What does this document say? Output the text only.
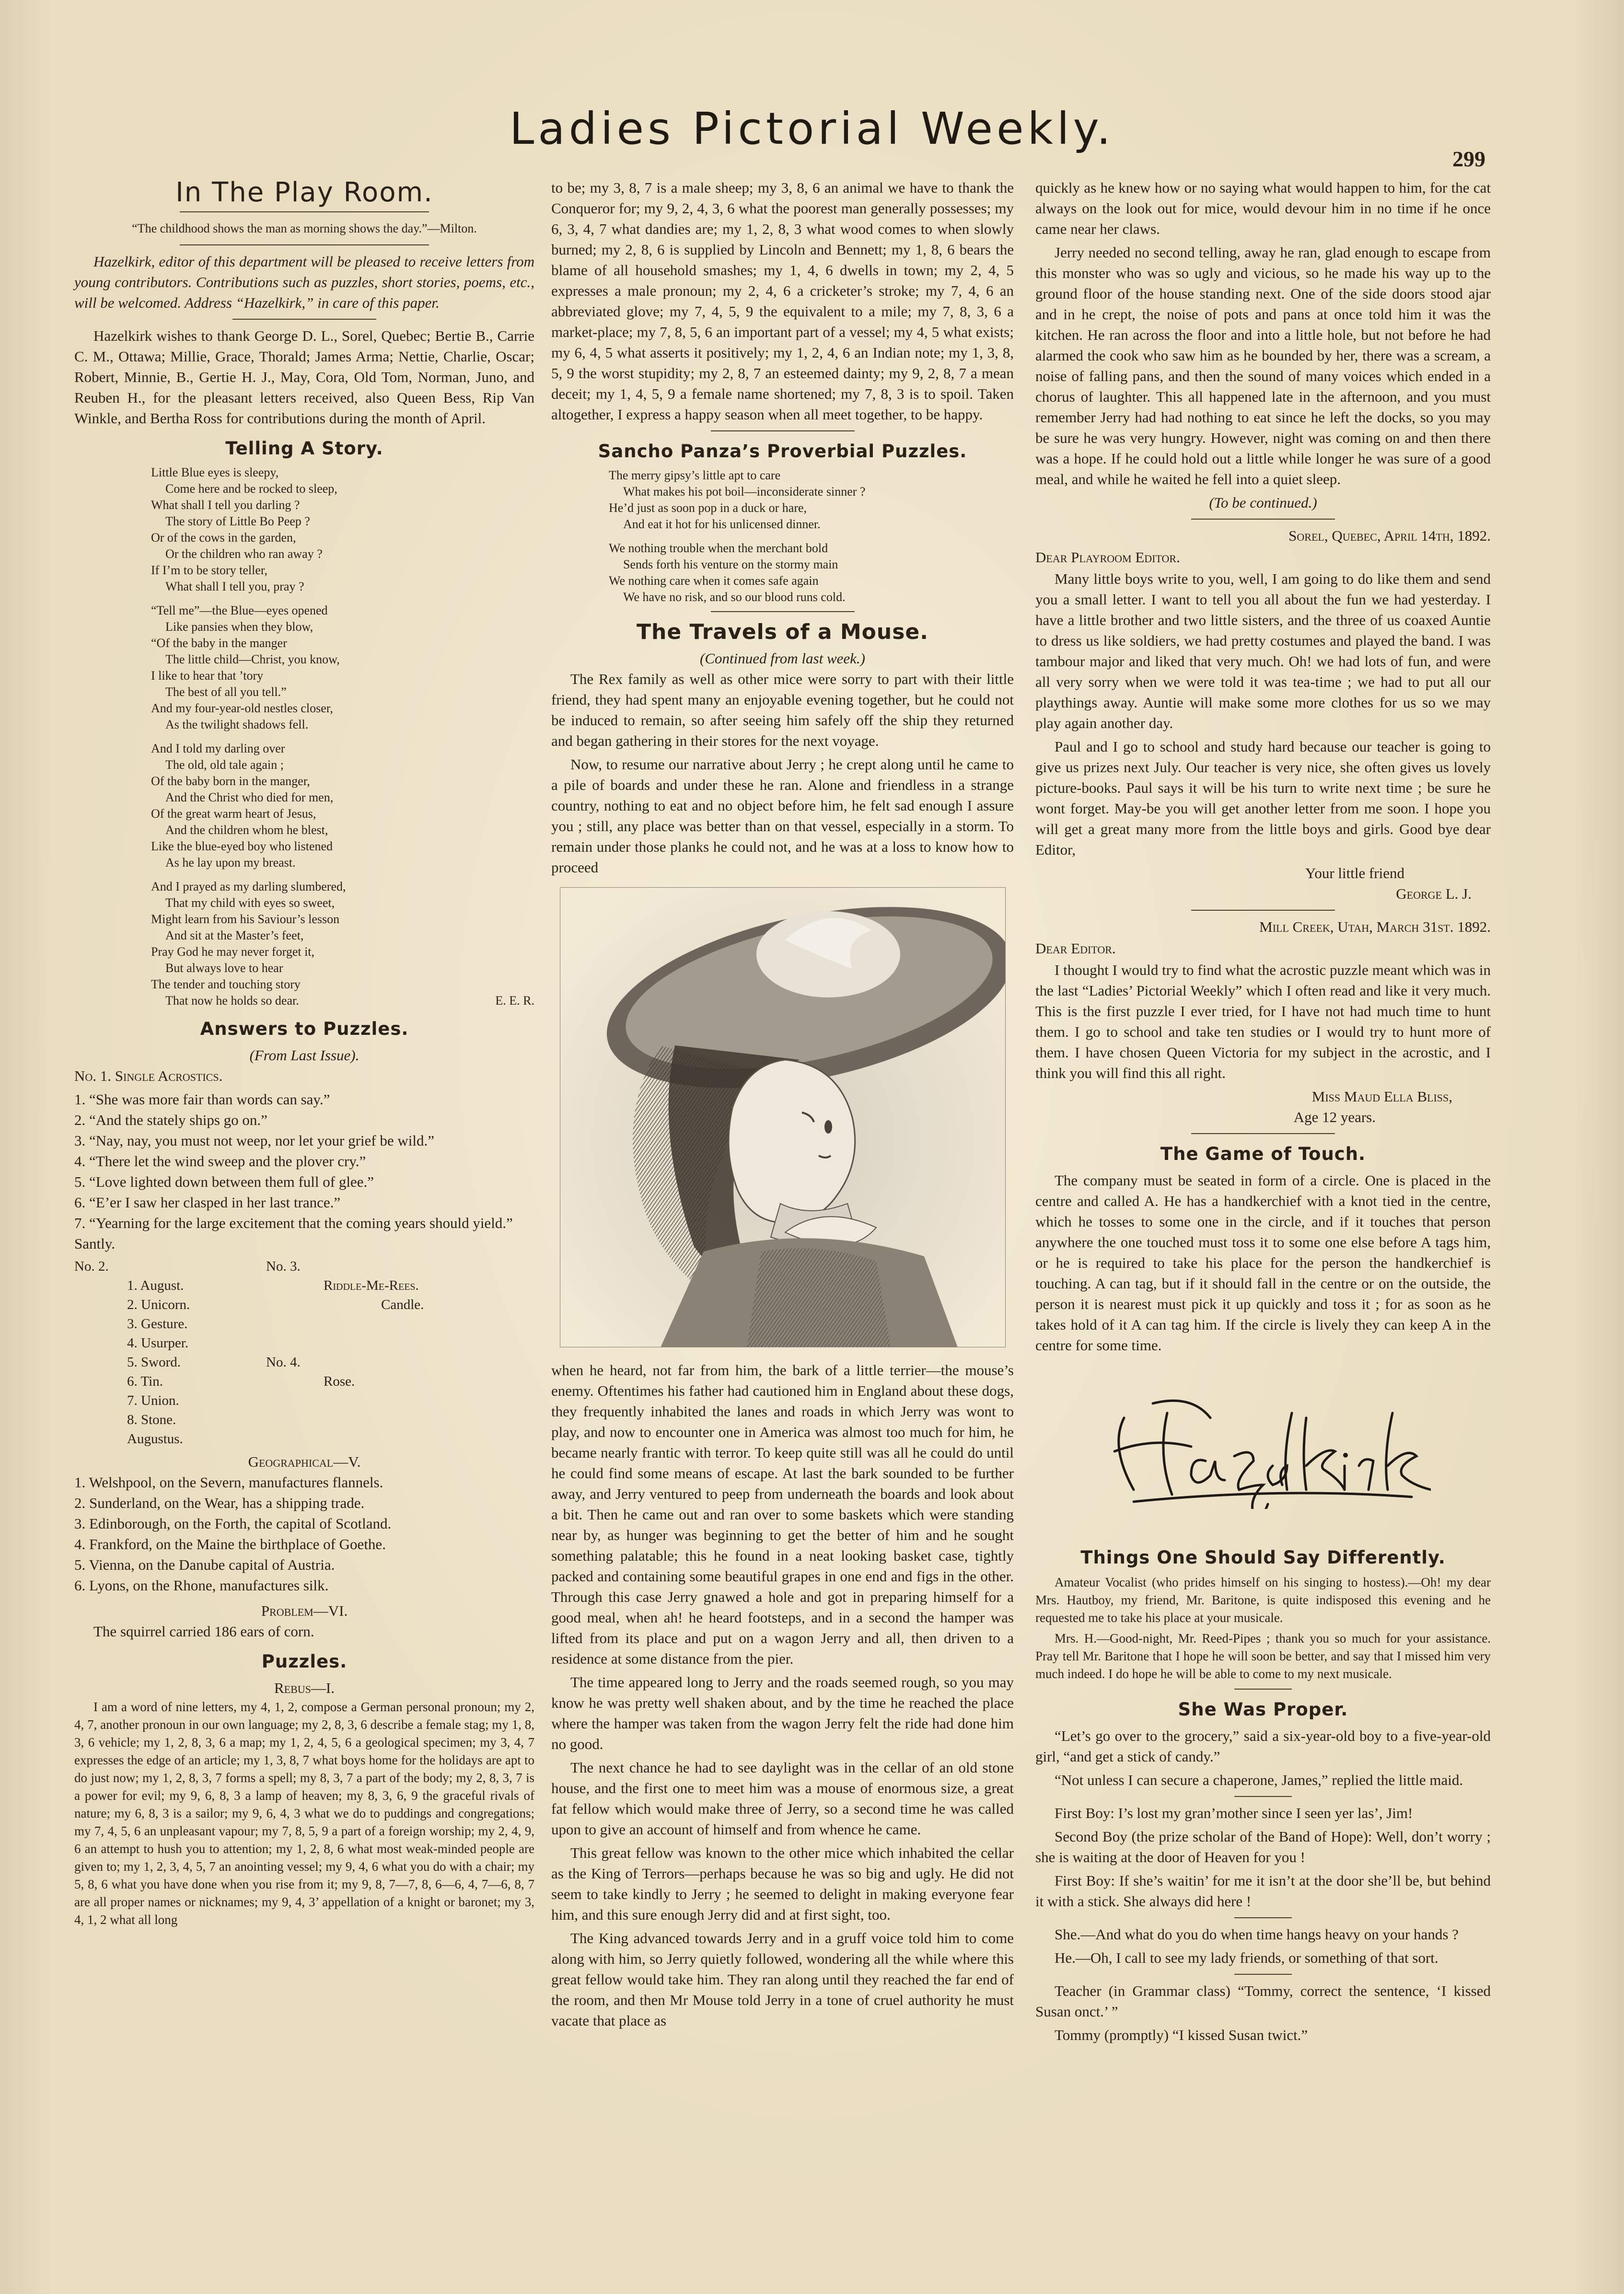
Ladies Pictorial Weekly.
299
In The Play Room.
“The childhood shows the man as morning shows the day.”—Milton.

Hazelkirk, editor of this department will be pleased to receive letters from young contributors. Contributions such as puzzles, short stories, poems, etc., will be welcomed. Address “Hazelkirk,” in care of this paper.

Hazelkirk wishes to thank George D. L., Sorel, Quebec; Bertie B., Carrie C. M., Ottawa; Millie, Grace, Thorald; James Arma; Nettie, Charlie, Oscar; Robert, Minnie, B., Gertie H. J., May, Cora, Old Tom, Norman, Juno, and Reuben H., for the pleasant letters received, also Queen Bess, Rip Van Winkle, and Bertha Ross for contributions during the month of April.

Telling A Story.
Little Blue eyes is sleepy,
Come here and be rocked to sleep,
What shall I tell you darling ?
The story of Little Bo Peep ?
Or of the cows in the garden,
Or the children who ran away ?
If I’m to be story teller,
What shall I tell you, pray ?
“Tell me”—the Blue—eyes opened
Like pansies when they blow,
“Of the baby in the manger
The little child—Christ, you know,
I like to hear that ’tory
The best of all you tell.”
And my four-year-old nestles closer,
As the twilight shadows fell.
And I told my darling over
The old, old tale again ;
Of the baby born in the manger,
And the Christ who died for men,
Of the great warm heart of Jesus,
And the children whom he blest,
Like the blue-eyed boy who listened
As he lay upon my breast.
And I prayed as my darling slumbered,
That my child with eyes so sweet,
Might learn from his Saviour’s lesson
And sit at the Master’s feet,
Pray God he may never forget it,
But always love to hear
The tender and touching story
That now he holds so dear.	E. E. R.
Answers to Puzzles.
(From Last Issue).

No. 1. Single Acrostics.

1. “She was more fair than words can say.”
2. “And the stately ships go on.”
3. “Nay, nay, you must not weep, nor let your grief be wild.”
4. “There let the wind sweep and the plover cry.”
5. “Love lighted down between them full of glee.”
6. “E’er I saw her clasped in her last trance.”
7. “Yearning for the large excitement that the coming years should yield.”
Santly.
No. 2.
1. August.
2. Unicorn.
3. Gesture.
4. Usurper.
5. Sword.
6. Tin.
7. Union.
8. Stone.
Augustus.
No. 3.
Riddle-Me-Rees.
Candle.
No. 4.
Rose.
Geographical—V.
1. Welshpool, on the Severn, manufactures flannels.
2. Sunderland, on the Wear, has a shipping trade.
3. Edinborough, on the Forth, the capital of Scotland.
4. Frankford, on the Maine the birthplace of Goethe.
5. Vienna, on the Danube capital of Austria.
6. Lyons, on the Rhone, manufactures silk.
Problem—VI.

The squirrel carried 186 ears of corn.

Puzzles.
Rebus—I.

I am a word of nine letters, my 4, 1, 2, compose a German personal pronoun; my 2, 4, 7, another pronoun in our own language; my 2, 8, 3, 6 describe a female stag; my 1, 8, 3, 6 vehicle; my 1, 2, 8, 3, 6 a map; my 1, 2, 4, 5, 6 a geological specimen; my 3, 4, 7 expresses the edge of an article; my 1, 3, 8, 7 what boys home for the holidays are apt to do just now; my 1, 2, 8, 3, 7 forms a spell; my 8, 3, 7 a part of the body; my 2, 8, 3, 7 is a power for evil; my 9, 6, 8, 3 a lamp of heaven; my 8, 3, 6, 9 the graceful rivals of nature; my 6, 8, 3 is a sailor; my 9, 6, 4, 3 what we do to puddings and congregations; my 7, 4, 5, 6 an unpleasant vapour; my 7, 8, 5, 9 a part of a foreign worship; my 2, 4, 9, 6 an attempt to hush you to attention; my 1, 2, 8, 6 what most weak-minded people are given to; my 1, 2, 3, 4, 5, 7 an anointing vessel; my 9, 4, 6 what you do with a chair; my 5, 8, 6 what you have done when you rise from it; my 9, 8, 7—7, 8, 6—6, 4, 7—6, 8, 7 are all proper names or nicknames; my 9, 4, 3’ appellation of a knight or baronet; my 3, 4, 1, 2 what all long

to be; my 3, 8, 7 is a male sheep; my 3, 8, 6 an animal we have to thank the Conqueror for; my 9, 2, 4, 3, 6 what the poorest man generally possesses; my 6, 3, 4, 7 what dandies are; my 1, 2, 8, 3 what wood comes to when slowly burned; my 2, 8, 6 is supplied by Lincoln and Bennett; my 1, 8, 6 bears the blame of all household smashes; my 1, 4, 6 dwells in town; my 2, 4, 5 expresses a male pronoun; my 2, 4, 6 a cricketer’s stroke; my 7, 4, 6 an abbreviated glove; my 7, 4, 5, 9 the equivalent to a mile; my 7, 8, 3, 6 a market-place; my 7, 8, 5, 6 an important part of a vessel; my 4, 5 what exists; my 6, 4, 5 what asserts it positively; my 1, 2, 4, 6 an Indian note; my 1, 3, 8, 5, 9 the worst stupidity; my 2, 8, 7 an esteemed dainty; my 9, 2, 8, 7 a mean deceit; my 1, 4, 5, 9 a female name shortened; my 7, 8, 3 is to spoil. Taken altogether, I express a happy season when all meet together, to be happy.

Sancho Panza’s Proverbial Puzzles.
The merry gipsy’s little apt to care
What makes his pot boil—inconsiderate sinner ?
He’d just as soon pop in a duck or hare,
And eat it hot for his unlicensed dinner.
We nothing trouble when the merchant bold
Sends forth his venture on the stormy main
We nothing care when it comes safe again
We have no risk, and so our blood runs cold.
The Travels of a Mouse.
(Continued from last week.)

The Rex family as well as other mice were sorry to part with their little friend, they had spent many an enjoyable evening together, but he could not be induced to remain, so after seeing him safely off the ship they returned and began gathering in their stores for the next voyage.

Now, to resume our narrative about Jerry ; he crept along until he came to a pile of boards and under these he ran. Alone and friendless in a strange country, nothing to eat and no object before him, he felt sad enough I assure you ; still, any place was better than on that vessel, especially in a storm. To remain under those planks he could not, and he was at a loss to know how to proceed

when he heard, not far from him, the bark of a little terrier—the mouse’s enemy. Oftentimes his father had cautioned him in England about these dogs, they frequently inhabited the lanes and roads in which Jerry was wont to play, and now to encounter one in America was almost too much for him, he became nearly frantic with terror. To keep quite still was all he could do until he could find some means of escape. At last the bark sounded to be further away, and Jerry ventured to peep from underneath the boards and look about a bit. Then he came out and ran over to some baskets which were standing near by, as hunger was beginning to get the better of him and he sought something palatable; this he found in a neat looking basket case, tightly packed and containing some beautiful grapes in one end and figs in the other. Through this case Jerry gnawed a hole and got in preparing himself for a good meal, when ah! he heard footsteps, and in a second the hamper was lifted from its place and put on a wagon Jerry and all, then driven to a residence at some distance from the pier.

The time appeared long to Jerry and the roads seemed rough, so you may know he was pretty well shaken about, and by the time he reached the place where the hamper was taken from the wagon Jerry felt the ride had done him no good.

The next chance he had to see daylight was in the cellar of an old stone house, and the first one to meet him was a mouse of enormous size, a great fat fellow which would make three of Jerry, so a second time he was called upon to give an account of himself and from whence he came.

This great fellow was known to the other mice which inhabited the cellar as the King of Terrors—perhaps because he was so big and ugly. He did not seem to take kindly to Jerry ; he seemed to delight in making everyone fear him, and this sure enough Jerry did and at first sight, too.

The King advanced towards Jerry and in a gruff voice told him to come along with him, so Jerry quietly followed, wondering all the while where this great fellow would take him. They ran along until they reached the far end of the room, and then Mr Mouse told Jerry in a tone of cruel authority he must vacate that place as

quickly as he knew how or no saying what would happen to him, for the cat always on the look out for mice, would devour him in no time if he once came near her claws.

Jerry needed no second telling, away he ran, glad enough to escape from this monster who was so ugly and vicious, so he made his way up to the ground floor of the house standing next. One of the side doors stood ajar and in he crept, the noise of pots and pans at once told him it was the kitchen. He ran across the floor and into a little hole, but not before he had alarmed the cook who saw him as he bounded by her, there was a scream, a noise of falling pans, and then the sound of many voices which ended in a chorus of laughter. This all happened late in the afternoon, and you must remember Jerry had had nothing to eat since he left the docks, so you may be sure he was very hungry. However, night was coming on and then there was a hope. If he could hold out a little while longer he was sure of a good meal, and while he waited he fell into a quiet sleep.

(To be continued.)
Sorel, Quebec, April 14th, 1892.

Dear Playroom Editor.

Many little boys write to you, well, I am going to do like them and send you a small letter. I want to tell you all about the fun we had yesterday. I have a little brother and two little sisters, and the three of us coaxed Auntie to dress us like soldiers, we had pretty costumes and played the band. I was tambour major and liked that very much. Oh! we had lots of fun, and were all very sorry when we were told it was tea-time ; we had to put all our playthings away. Auntie will make some more clothes for us so we may play again another day.

Paul and I go to school and study hard because our teacher is going to give us prizes next July. Our teacher is very nice, she often gives us lovely picture-books. Paul says it will be his turn to write next time ; be sure he wont forget. May-be you will get another letter from me soon. I hope you will get a great many more from the little boys and girls. Good bye dear Editor,

Your little friend
George L. J.
Mill Creek, Utah, March 31st. 1892.

Dear Editor.

I thought I would try to find what the acrostic puzzle meant which was in the last “Ladies’ Pictorial Weekly” which I often read and like it very much. This is the first puzzle I ever tried, for I have not had much time to hunt them. I go to school and take ten studies or I would try to hunt more of them. I have chosen Queen Victoria for my subject in the acrostic, and I think you will find this all right.

Miss Maud Ella Bliss,
Age 12 years.
The Game of Touch.

The company must be seated in form of a circle. One is placed in the centre and called A. He has a handkerchief with a knot tied in the centre, which he tosses to some one in the circle, and if it touches that person anywhere the one touched must toss it to some one else before A tags him, or he is required to take his place for the person the handkerchief is touching. A can tag, but if it should fall in the centre or on the outside, the person it is nearest must pick it up quickly and toss it ; for as soon as he takes hold of it A can tag him. If the circle is lively they can keep A in the centre for some time.

Things One Should Say Differently.

Amateur Vocalist (who prides himself on his singing to hostess).—Oh! my dear Mrs. Hautboy, my friend, Mr. Baritone, is quite indisposed this evening and he requested me to take his place at your musicale.

Mrs. H.—Good-night, Mr. Reed-Pipes ; thank you so much for your assistance. Pray tell Mr. Baritone that I hope he will soon be better, and say that I missed him very much indeed. I do hope he will be able to come to my next musicale.

She Was Proper.

“Let’s go over to the grocery,” said a six-year-old boy to a five-year-old girl, “and get a stick of candy.”

“Not unless I can secure a chaperone, James,” replied the little maid.

First Boy: I’s lost my gran’mother since I seen yer las’, Jim!

Second Boy (the prize scholar of the Band of Hope): Well, don’t worry ; she is waiting at the door of Heaven for you !

First Boy: If she’s waitin’ for me it isn’t at the door she’ll be, but behind it with a stick. She always did here !

She.—And what do you do when time hangs heavy on your hands ?

He.—Oh, I call to see my lady friends, or something of that sort.

Teacher (in Grammar class) “Tommy, correct the sentence, ‘I kissed Susan onct.’ ”

Tommy (promptly) “I kissed Susan twict.”
